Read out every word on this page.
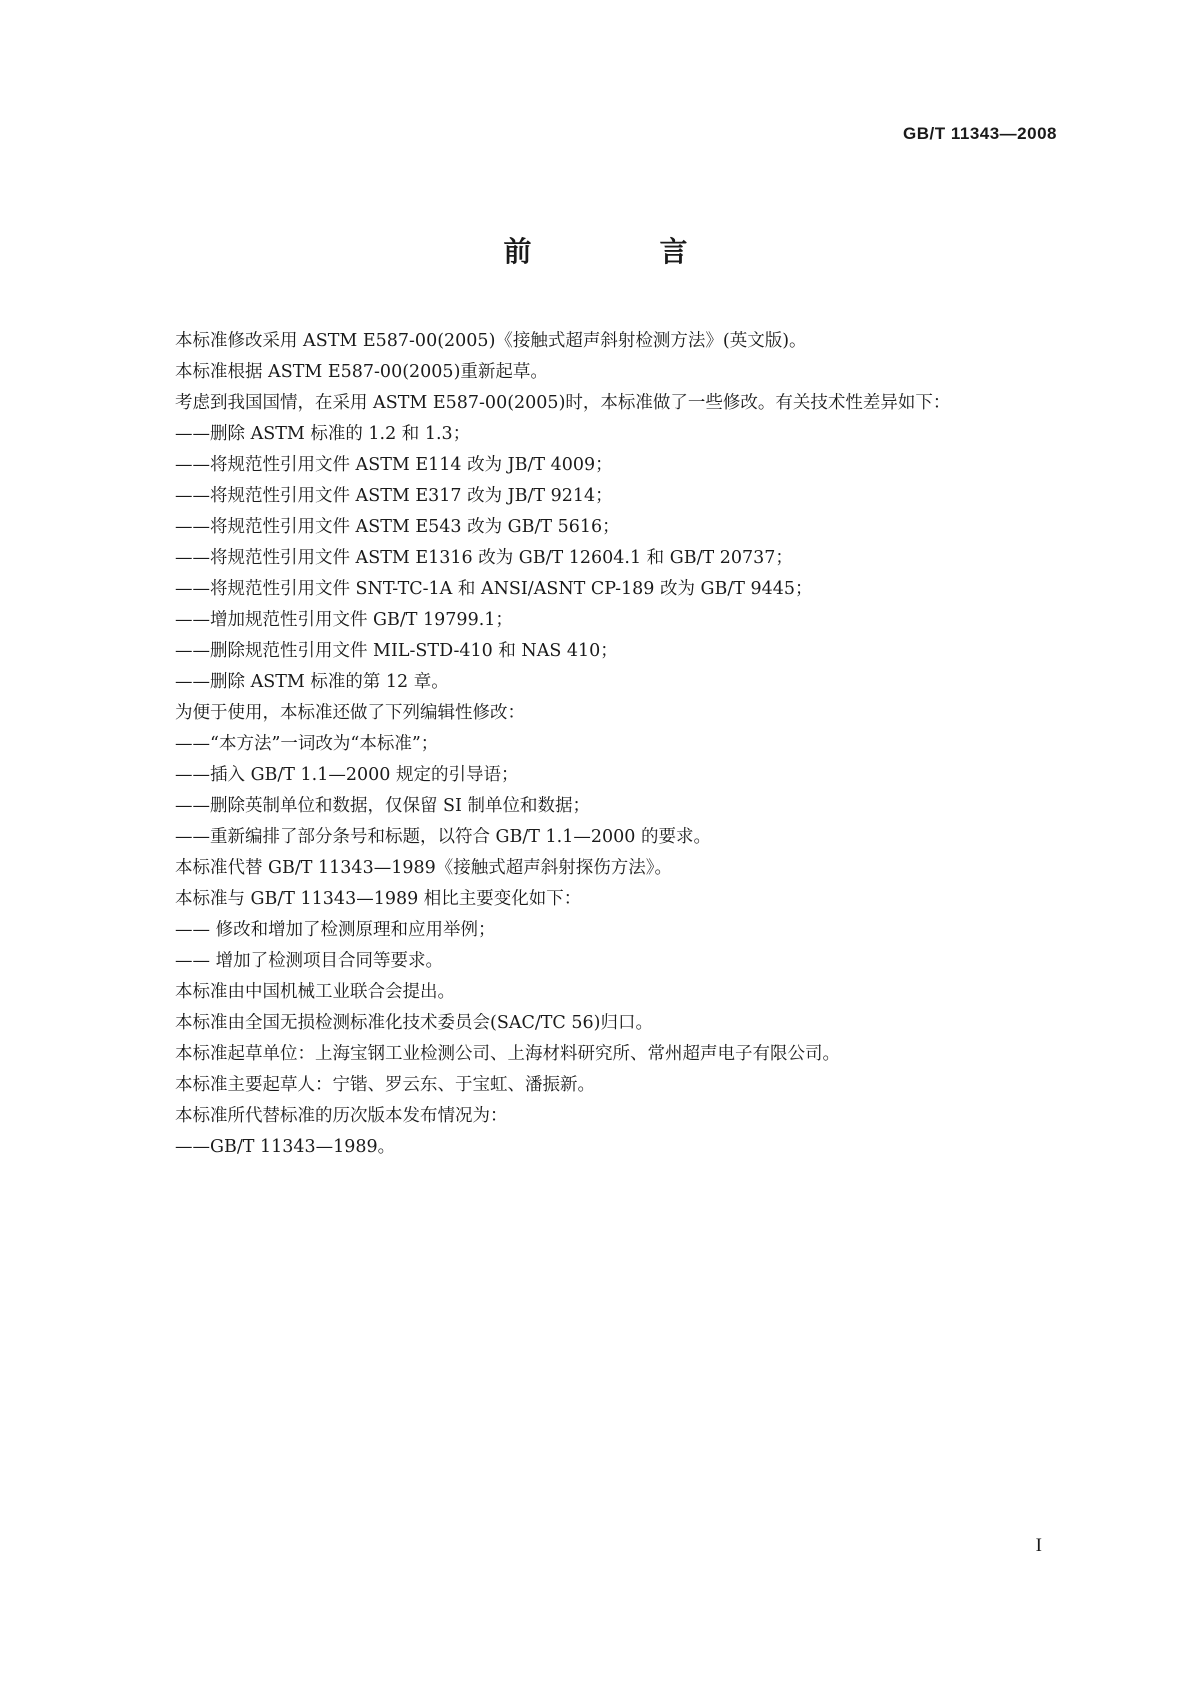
GB/T 11343—2008
前　言
本标准修改采用 ASTM E587-00(2005)《接触式超声斜射检测方法》(英文版)。
本标准根据 ASTM E587-00(2005)重新起草。
考虑到我国国情，在采用 ASTM E587-00(2005)时，本标准做了一些修改。有关技术性差异如下：
——删除 ASTM 标准的 1.2 和 1.3；
——将规范性引用文件 ASTM E114 改为 JB/T 4009；
——将规范性引用文件 ASTM E317 改为 JB/T 9214；
——将规范性引用文件 ASTM E543 改为 GB/T 5616；
——将规范性引用文件 ASTM E1316 改为 GB/T 12604.1 和 GB/T 20737；
——将规范性引用文件 SNT-TC-1A 和 ANSI/ASNT CP-189 改为 GB/T 9445；
——增加规范性引用文件 GB/T 19799.1；
——删除规范性引用文件 MIL-STD-410 和 NAS 410；
——删除 ASTM 标准的第 12 章。
为便于使用，本标准还做了下列编辑性修改：
——“本方法”一词改为“本标准”；
——插入 GB/T 1.1—2000 规定的引导语；
——删除英制单位和数据，仅保留 SI 制单位和数据；
——重新编排了部分条号和标题，以符合 GB/T 1.1—2000 的要求。
本标准代替 GB/T 11343—1989《接触式超声斜射探伤方法》。
本标准与 GB/T 11343—1989 相比主要变化如下：
—— 修改和增加了检测原理和应用举例；
—— 增加了检测项目合同等要求。
本标准由中国机械工业联合会提出。
本标准由全国无损检测标准化技术委员会(SAC/TC 56)归口。
本标准起草单位：上海宝钢工业检测公司、上海材料研究所、常州超声电子有限公司。
本标准主要起草人：宁锴、罗云东、于宝虹、潘振新。
本标准所代替标准的历次版本发布情况为：
——GB/T 11343—1989。
I
